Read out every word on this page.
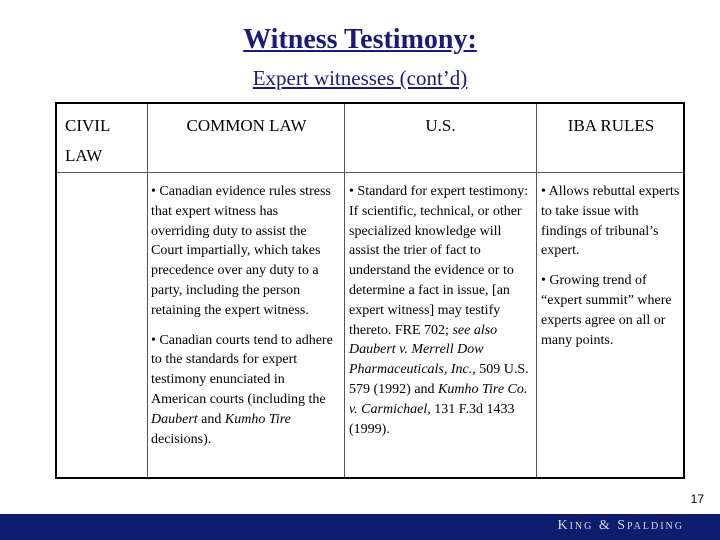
Witness Testimony:
Expert witnesses (cont’d)
CIVIL LAW
COMMON LAW	U.S.	IBA RULES

• Canadian evidence rules stress that expert witness has overriding duty to assist the Court impartially, which takes precedence over any duty to a party, including the person retaining the expert witness.

• Canadian courts tend to adhere to the standards for expert testimony enunciated in American courts (including the Daubert and Kumho Tire decisions).

• Standard for expert testimony: If scientific, technical, or other specialized knowledge will assist the trier of fact to understand the evidence or to determine a fact in issue, [an expert witness] may testify thereto. FRE 702; see also Daubert v. Merrell Dow Pharmaceuticals, Inc., 509 U.S. 579 (1992) and Kumho Tire Co. v. Carmichael, 131 F.3d 1433 (1999).

• Allows rebuttal experts to take issue with findings of tribunal’s expert.

• Growing trend of “expert summit” where experts agree on all or many points.

17
King & Spalding
